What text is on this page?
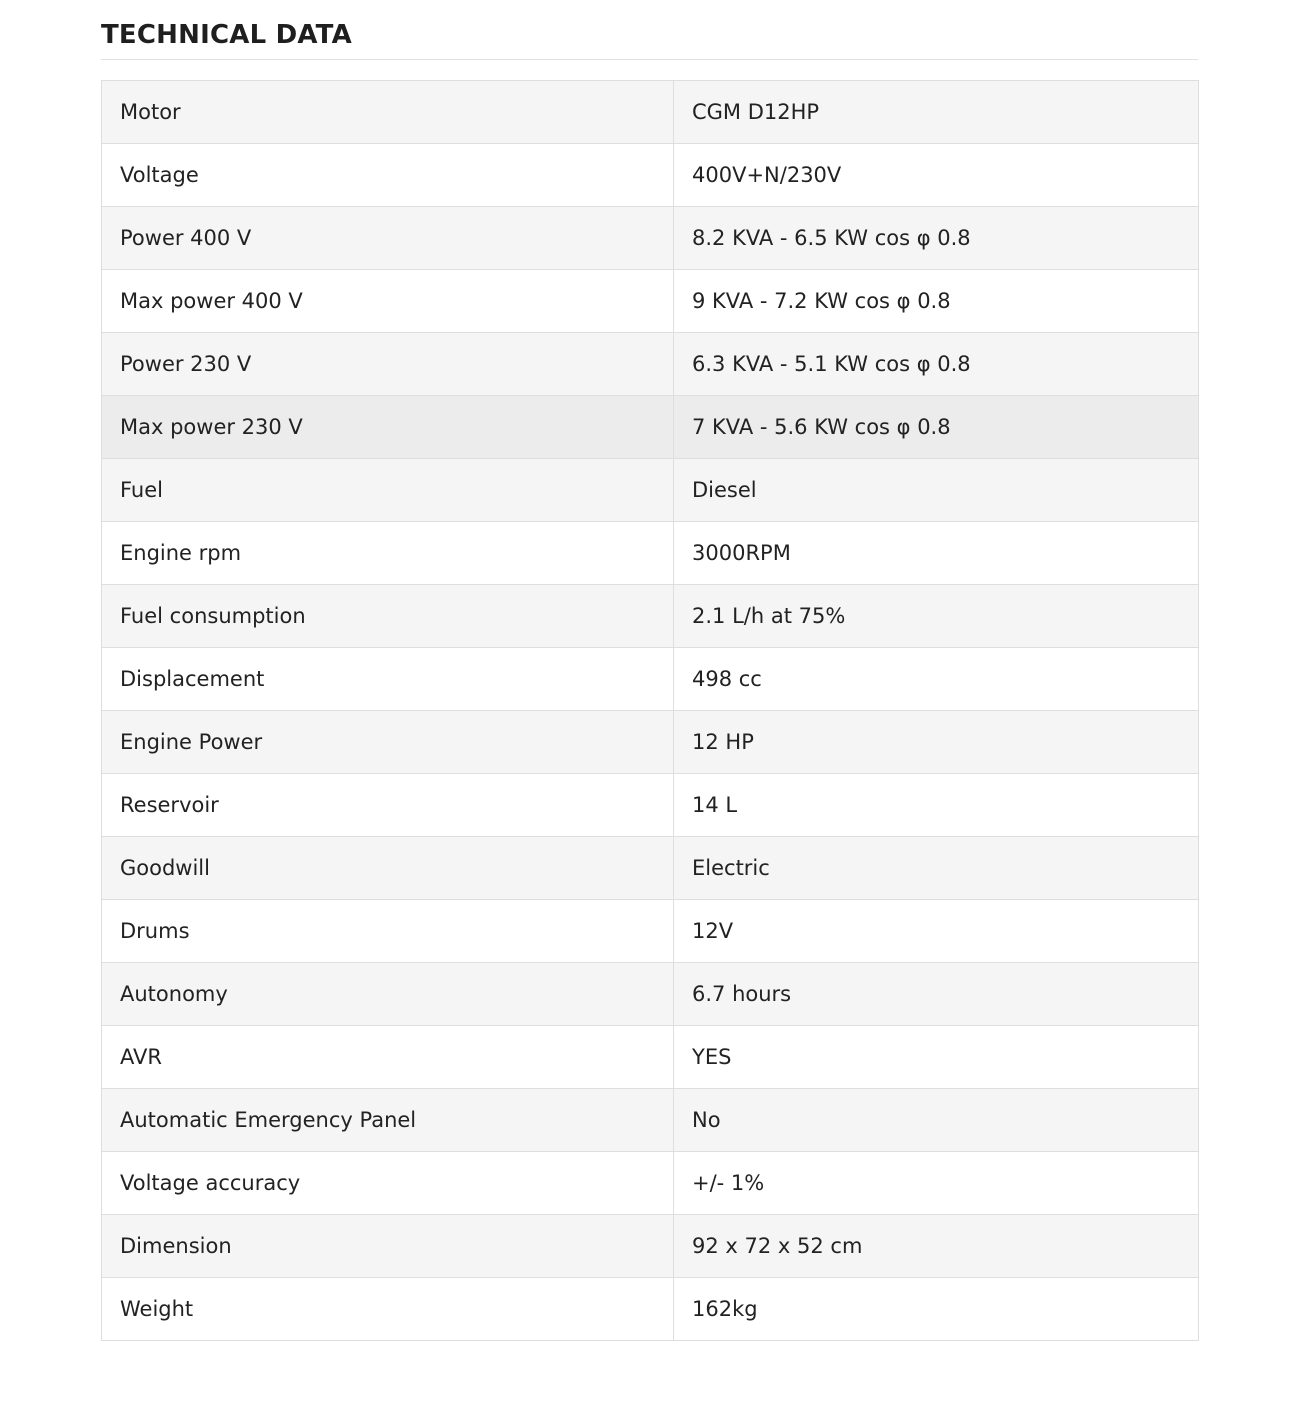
TECHNICAL DATA
Motor	CGM D12HP
Voltage	400V+N/230V
Power 400 V	8.2 KVA - 6.5 KW cos φ 0.8
Max power 400 V	9 KVA - 7.2 KW cos φ 0.8
Power 230 V	6.3 KVA - 5.1 KW cos φ 0.8
Max power 230 V	7 KVA - 5.6 KW cos φ 0.8
Fuel	Diesel
Engine rpm	3000RPM
Fuel consumption	2.1 L/h at 75%
Displacement	498 cc
Engine Power	12 HP
Reservoir	14 L
Goodwill	Electric
Drums	12V
Autonomy	6.7 hours
AVR	YES
Automatic Emergency Panel	No
Voltage accuracy	+/- 1%
Dimension	92 x 72 x 52 cm
Weight	162kg
